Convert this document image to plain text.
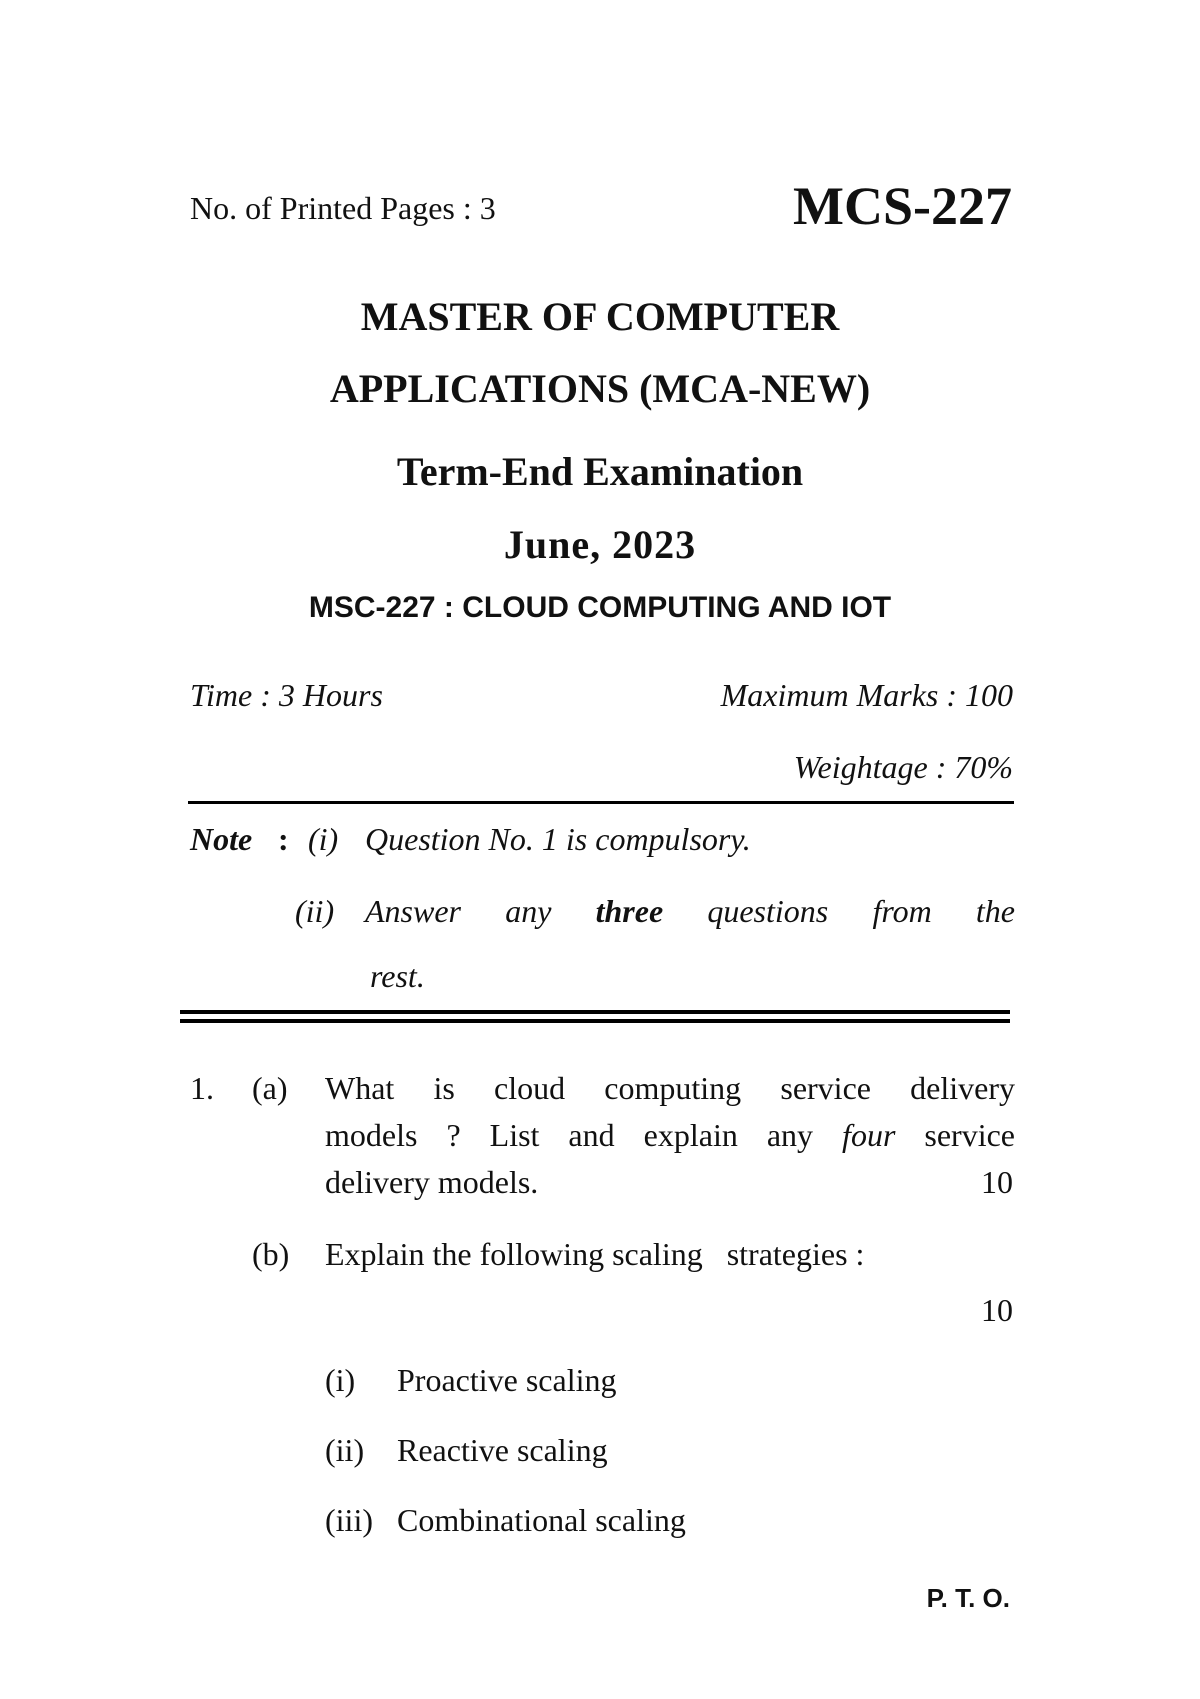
No. of Printed Pages : 3	MCS-227
MASTER OF COMPUTER
APPLICATIONS (MCA-NEW)
Term-End Examination
June, 2023
MSC-227 : CLOUD COMPUTING AND IOT
Time : 3 Hours	Maximum Marks : 100
Weightage : 70%
Note : (i) Question No. 1 is compulsory.
(ii) Answer any three questions from the
rest.
1. (a) What is cloud computing service delivery
models ? List and explain any four service
delivery models.	10
(b) Explain the following scaling   strategies :
10
(i) Proactive scaling
(ii) Reactive scaling
(iii) Combinational scaling
P. T. O.
